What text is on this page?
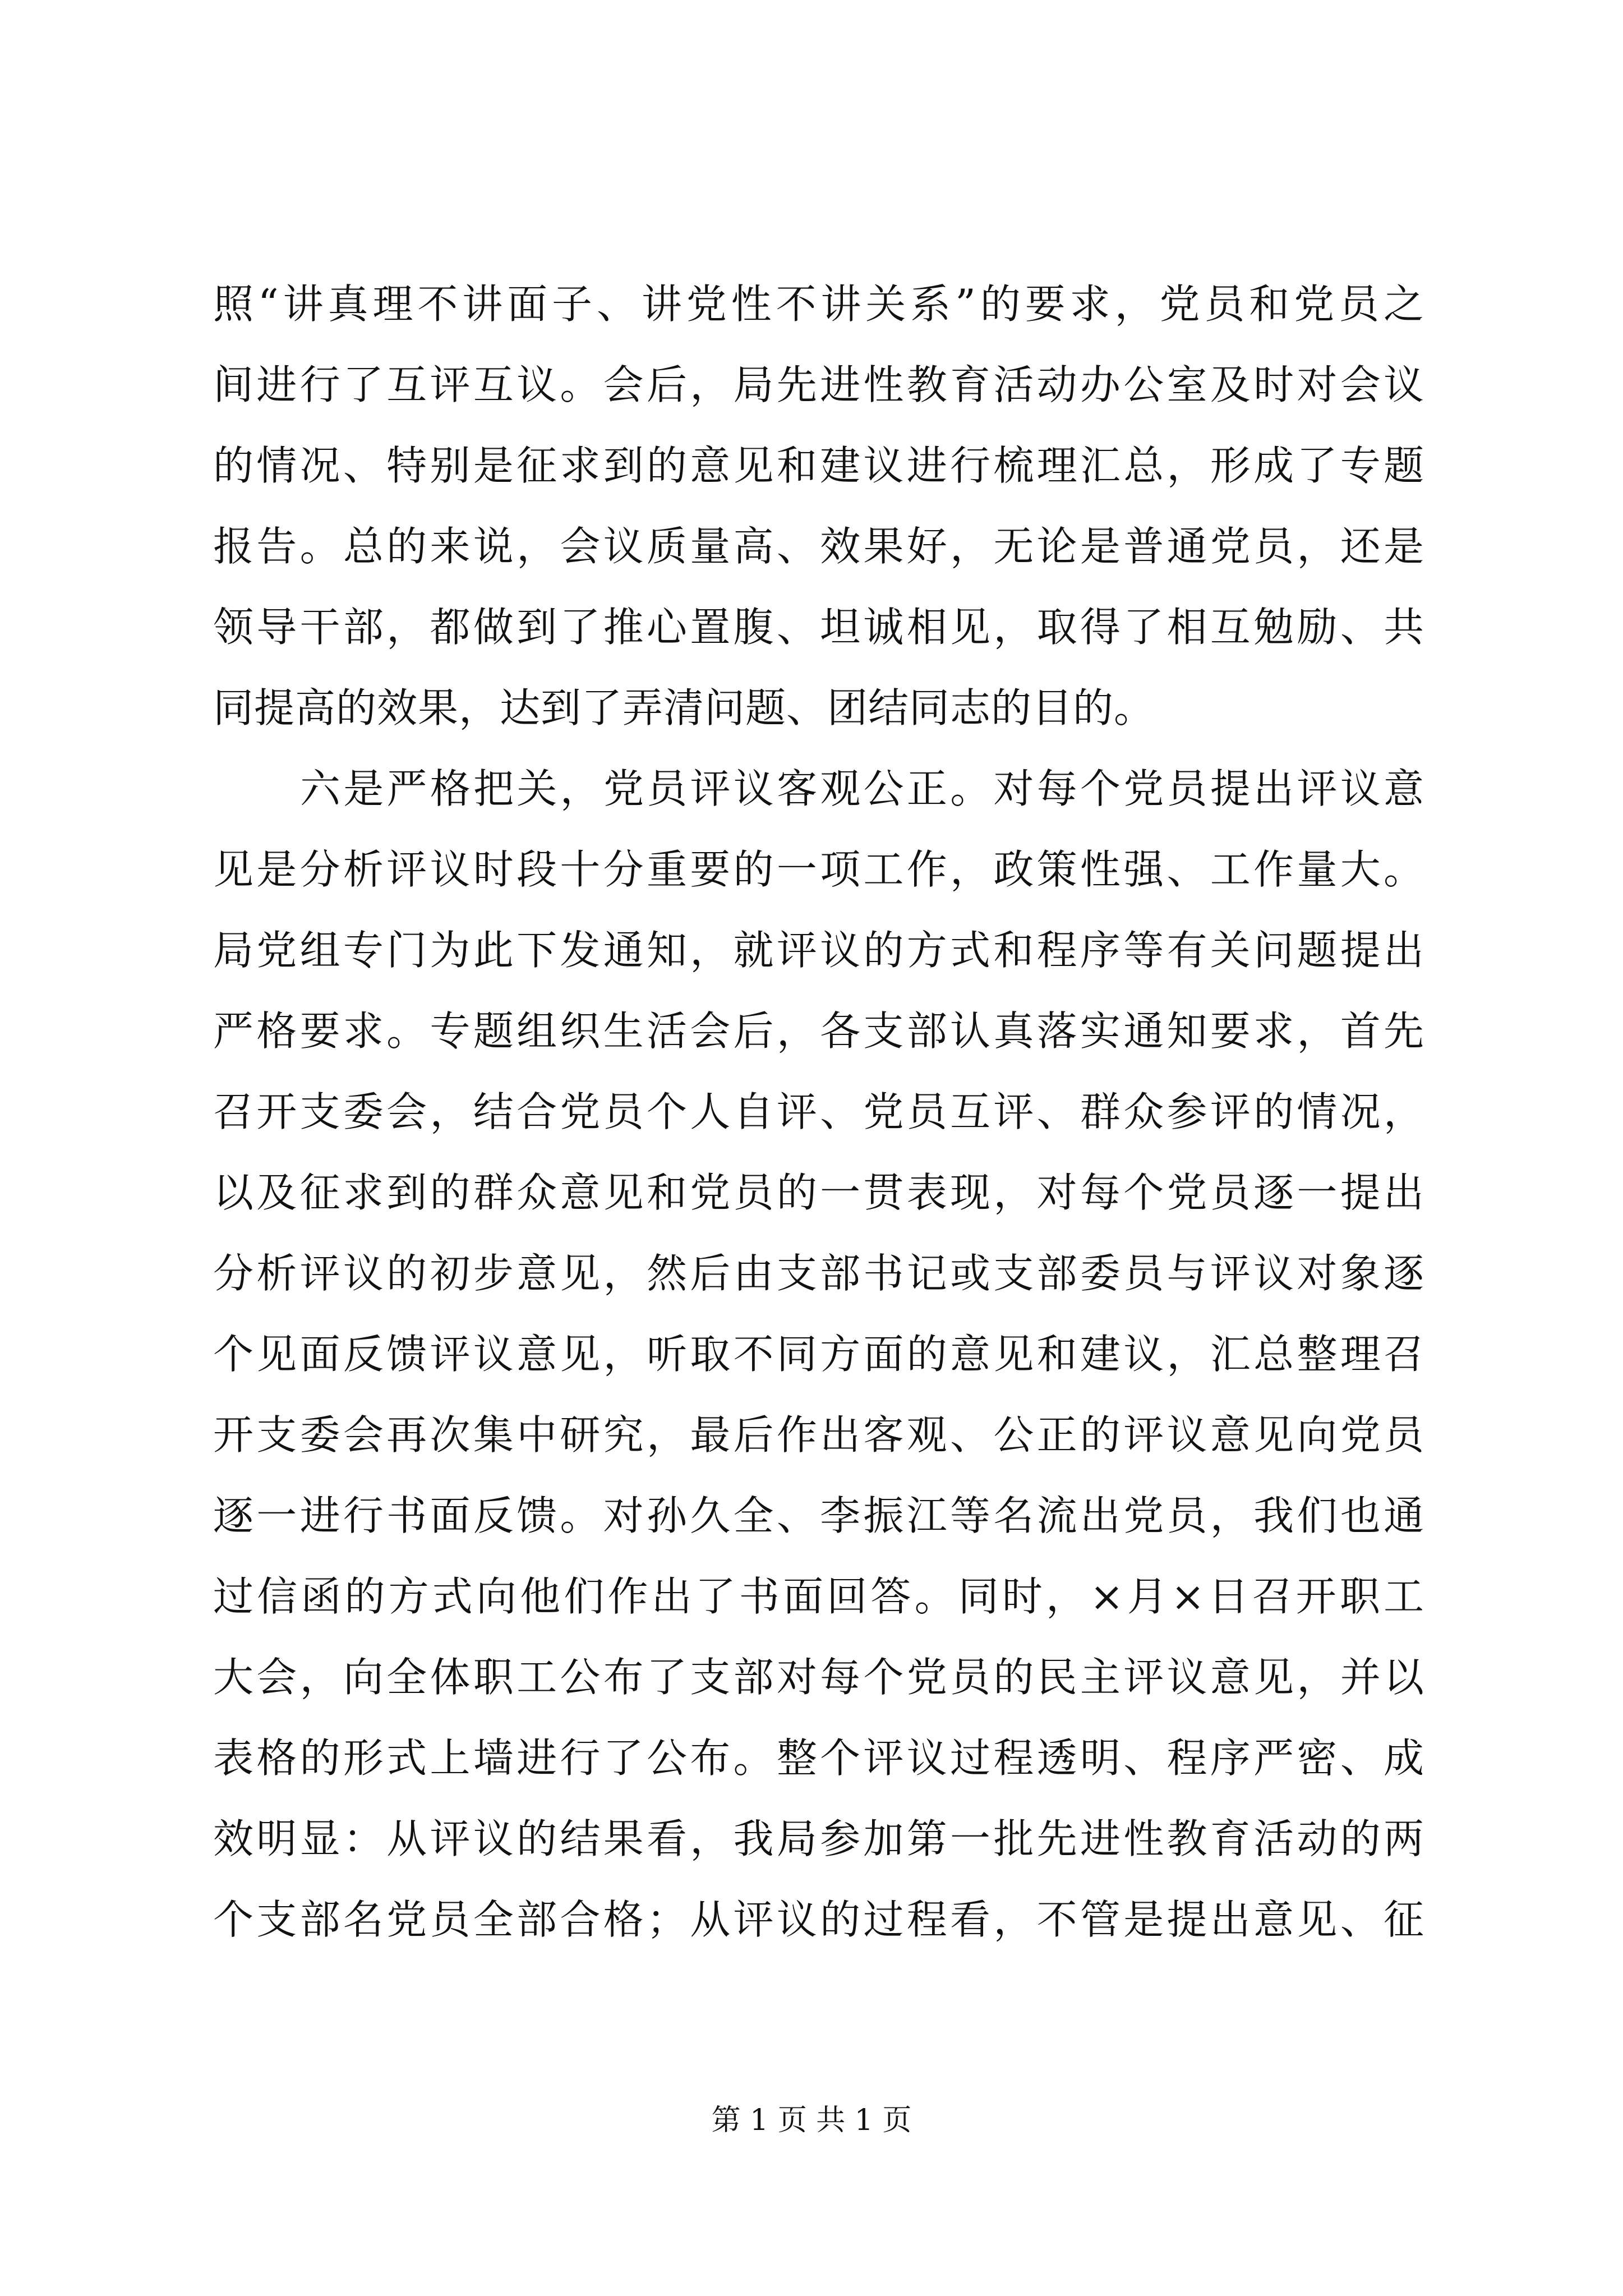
照“讲真理不讲面子、讲党性不讲关系”的要求，党员和党员之
间进行了互评互议。会后，局先进性教育活动办公室及时对会议
的情况、特别是征求到的意见和建议进行梳理汇总，形成了专题
报告。总的来说，会议质量高、效果好，无论是普通党员，还是
领导干部，都做到了推心置腹、坦诚相见，取得了相互勉励、共
同提高的效果，达到了弄清问题、团结同志的目的。
六是严格把关，党员评议客观公正。对每个党员提出评议意
见是分析评议时段十分重要的一项工作，政策性强、工作量大。
局党组专门为此下发通知，就评议的方式和程序等有关问题提出
严格要求。专题组织生活会后，各支部认真落实通知要求，首先
召开支委会，结合党员个人自评、党员互评、群众参评的情况，
以及征求到的群众意见和党员的一贯表现，对每个党员逐一提出
分析评议的初步意见，然后由支部书记或支部委员与评议对象逐
个见面反馈评议意见，听取不同方面的意见和建议，汇总整理召
开支委会再次集中研究，最后作出客观、公正的评议意见向党员
逐一进行书面反馈。对孙久全、李振江等名流出党员，我们也通
过信函的方式向他们作出了书面回答。同时，×月×日召开职工
大会，向全体职工公布了支部对每个党员的民主评议意见，并以
表格的形式上墙进行了公布。整个评议过程透明、程序严密、成
效明显：从评议的结果看，我局参加第一批先进性教育活动的两
个支部名党员全部合格；从评议的过程看，不管是提出意见、征
第 1 页 共 1 页
